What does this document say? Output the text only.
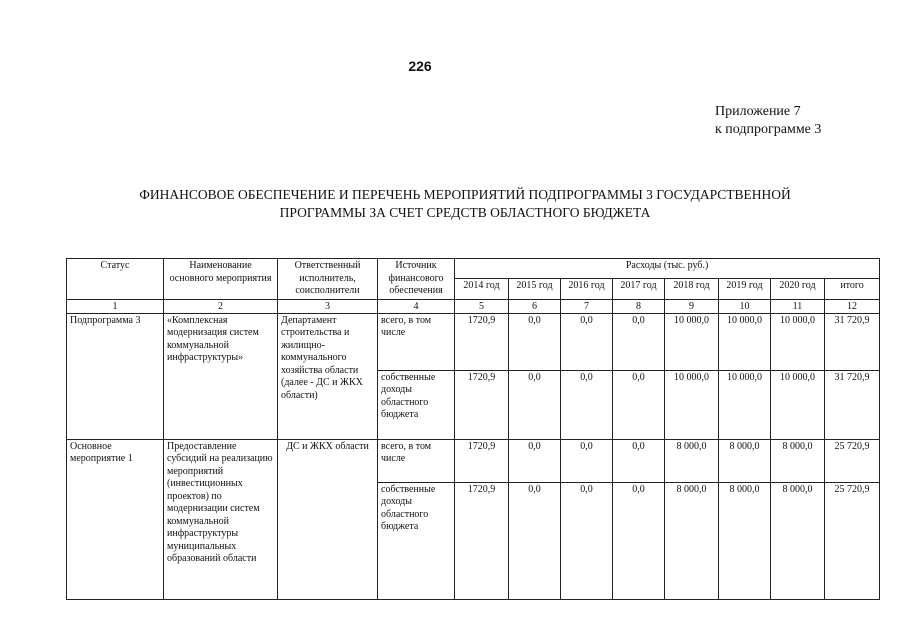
226
Приложение 7
к подпрограмме 3
ФИНАНСОВОЕ ОБЕСПЕЧЕНИЕ И ПЕРЕЧЕНЬ МЕРОПРИЯТИЙ ПОДПРОГРАММЫ 3 ГОСУДАРСТВЕННОЙ
ПРОГРАММЫ ЗА СЧЕТ СРЕДСТВ ОБЛАСТНОГО БЮДЖЕТА
Статус	Наименование основного мероприятия	Ответственный исполнитель, соисполнители	Источник финансового обеспечения	Расходы (тыс. руб.)							
				2014 год	2015 год	2016 год	2017 год	2018 год	2019 год	2020 год	итого
1	2	3	4	5	6	7	8	9	10	11	12
Подпрограмма 3	«Комплексная модернизация систем коммунальной инфраструктуры»	Департамент строительства и жилищно-коммунального хозяйства области (далее - ДС и ЖКХ области)	всего, в том числе	1720,9	0,0	0,0	0,0	10 000,0	10 000,0	10 000,0	31 720,9
			собственные доходы областного бюджета	1720,9	0,0	0,0	0,0	10 000,0	10 000,0	10 000,0	31 720,9
Основное мероприятие 1	Предоставление субсидий на реализацию мероприятий (инвестиционных проектов) по модернизации систем коммунальной инфраструктуры муниципальных образований области	ДС и ЖКХ области	всего, в том числе	1720,9	0,0	0,0	0,0	8 000,0	8 000,0	8 000,0	25 720,9
			собственные доходы областного бюджета	1720,9	0,0	0,0	0,0	8 000,0	8 000,0	8 000,0	25 720,9
